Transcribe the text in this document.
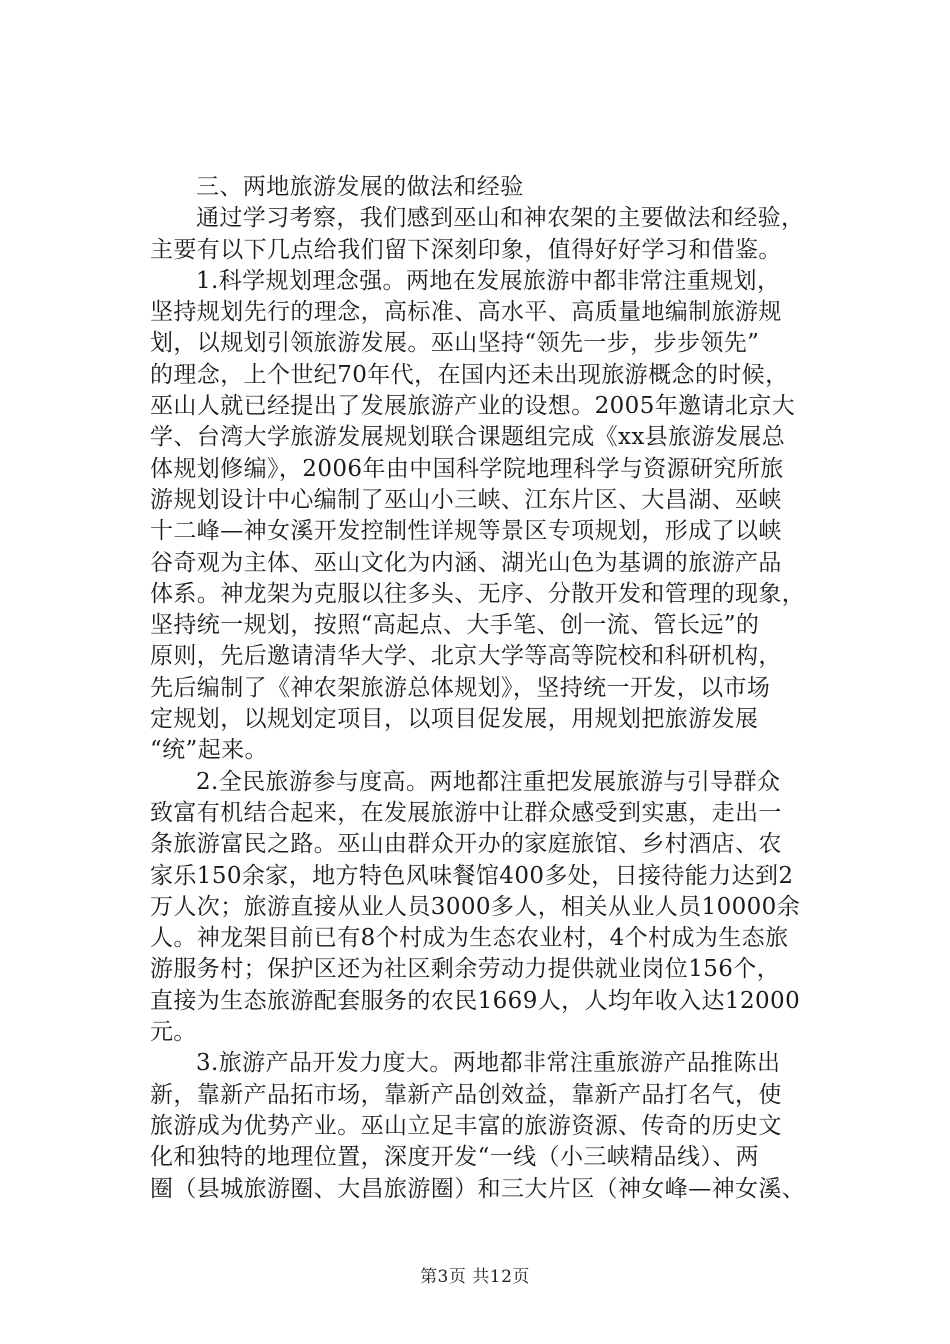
三、两地旅游发展的做法和经验

通过学习考察，我们感到巫山和神农架的主要做法和经验，
主要有以下几点给我们留下深刻印象，值得好好学习和借鉴。
1.科学规划理念强。两地在发展旅游中都非常注重规划，
坚持规划先行的理念，高标准、高水平、高质量地编制旅游规
划，以规划引领旅游发展。巫山坚持“领先一步，步步领先”
的理念，上个世纪70年代，在国内还未出现旅游概念的时候，
巫山人就已经提出了发展旅游产业的设想。2005年邀请北京大
学、台湾大学旅游发展规划联合课题组完成《xx县旅游发展总
体规划修编》，2006年由中国科学院地理科学与资源研究所旅
游规划设计中心编制了巫山小三峡、江东片区、大昌湖、巫峡
十二峰—神女溪开发控制性详规等景区专项规划，形成了以峡
谷奇观为主体、巫山文化为内涵、湖光山色为基调的旅游产品
体系。神龙架为克服以往多头、无序、分散开发和管理的现象，
坚持统一规划，按照“高起点、大手笔、创一流、管长远”的
原则，先后邀请清华大学、北京大学等高等院校和科研机构，
先后编制了《神农架旅游总体规划》，坚持统一开发，以市场
定规划，以规划定项目，以项目促发展，用规划把旅游发展
“统”起来。
2.全民旅游参与度高。两地都注重把发展旅游与引导群众
致富有机结合起来，在发展旅游中让群众感受到实惠，走出一
条旅游富民之路。巫山由群众开办的家庭旅馆、乡村酒店、农
家乐150余家，地方特色风味餐馆400多处，日接待能力达到2
万人次；旅游直接从业人员3000多人，相关从业人员10000余
人。神龙架目前已有8个村成为生态农业村，4个村成为生态旅
游服务村；保护区还为社区剩余劳动力提供就业岗位156个，
直接为生态旅游配套服务的农民1669人，人均年收入达12000
元。
3.旅游产品开发力度大。两地都非常注重旅游产品推陈出
新，靠新产品拓市场，靠新产品创效益，靠新产品打名气，使
旅游成为优势产业。巫山立足丰富的旅游资源、传奇的历史文
化和独特的地理位置，深度开发“一线（小三峡精品线）、两
圈（县城旅游圈、大昌旅游圈）和三大片区（神女峰—神女溪、
第3页 共12页
